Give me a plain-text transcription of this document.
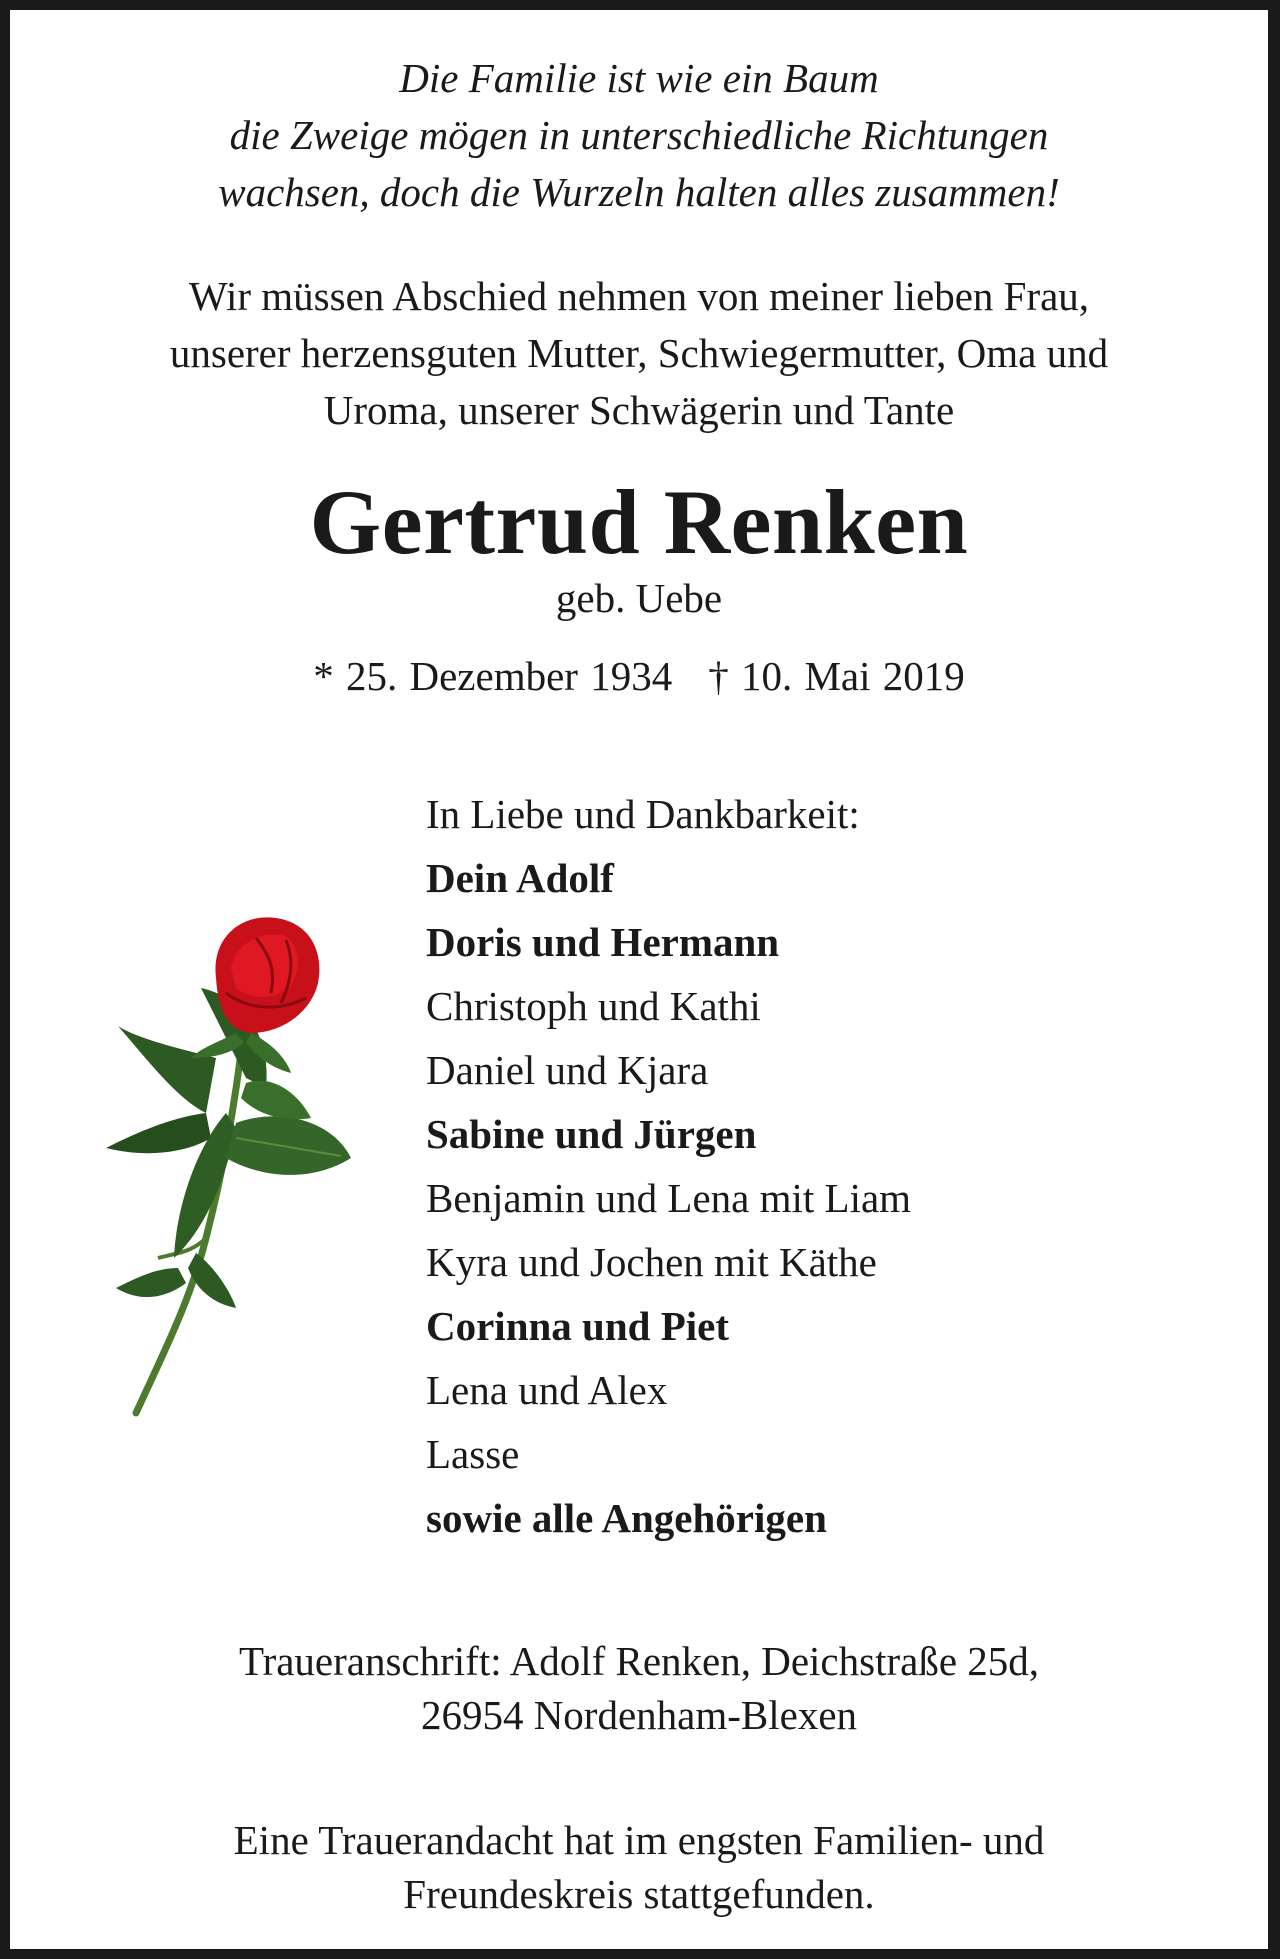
Die Familie ist wie ein Baum
die Zweige mögen in unterschiedliche Richtungen
wachsen, doch die Wurzeln halten alles zusammen!
Wir müssen Abschied nehmen von meiner lieben Frau,
unserer herzensguten Mutter, Schwiegermutter, Oma und
Uroma, unserer Schwägerin und Tante
Gertrud Renken
geb. Uebe
* 25. Dezember 1934 † 10. Mai 2019
In Liebe und Dankbarkeit:
Dein Adolf
Doris und Hermann
Christoph und Kathi
Daniel und Kjara
Sabine und Jürgen
Benjamin und Lena mit Liam
Kyra und Jochen mit Käthe
Corinna und Piet
Lena und Alex
Lasse
sowie alle Angehörigen
Traueranschrift: Adolf Renken, Deichstraße 25d,
26954 Nordenham-Blexen
Eine Trauerandacht hat im engsten Familien- und
Freundeskreis stattgefunden.
